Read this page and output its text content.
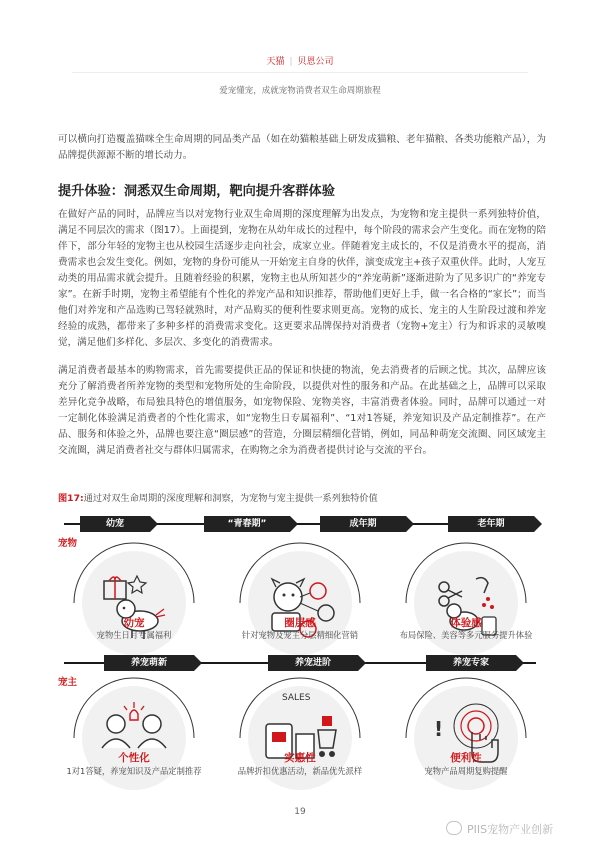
天猫 | 贝恩公司
爱宠懂宠，成就宠物消费者双生命周期旅程
可以横向打造覆盖猫咪全生命周期的同品类产品（如在幼猫粮基础上研发成猫粮、老年猫粮、各类功能粮产品），为品牌提供源源不断的增长动力。
提升体验：洞悉双生命周期，靶向提升客群体验
在做好产品的同时，品牌应当以对宠物行业双生命周期的深度理解为出发点，为宠物和宠主提供一系列独特价值，满足不同层次的需求（图17）。上面提到，宠物在从幼年成长的过程中，每个阶段的需求会产生变化。而在宠物的陪伴下，部分年轻的宠物主也从校园生活逐步走向社会，成家立业。伴随着宠主成长的，不仅是消费水平的提高，消费需求也会发生变化。例如，宠物的身份可能从一开始宠主自身的伙伴，演变成宠主+孩子双重伙伴。此时，人宠互动类的用品需求就会提升。且随着经验的积累，宠物主也从所知甚少的“养宠萌新”逐渐进阶为了见多识广的“养宠专家”。在新手时期，宠物主希望能有个性化的养宠产品和知识推荐，帮助他们更好上手，做一名合格的“家长”；而当他们对养宠和产品选购已驾轻就熟时，对产品购买的便利性要求则更高。宠物的成长、宠主的人生阶段过渡和养宠经验的成熟，都带来了多种多样的消费需求变化。这更要求品牌保持对消费者（宠物+宠主）行为和诉求的灵敏嗅觉，满足他们多样化、多层次、多变化的消费需求。
满足消费者最基本的购物需求，首先需要提供正品的保证和快捷的物流，免去消费者的后顾之忧。其次，品牌应该充分了解消费者所养宠物的类型和宠物所处的生命阶段，以提供对性的服务和产品。在此基础之上，品牌可以采取差异化竞争战略，布局独具特色的增值服务，如宠物保险、宠物美容，丰富消费者体验。同时，品牌可以通过一对一定制化体验满足消费者的个性化需求，如“宠物生日专属福利”、“1对1答疑，养宠知识及产品定制推荐”。在产品、服务和体验之外，品牌也要注意“圈层感”的营造，分圈层精细化营销，例如，同品种萌宠交流圈、同区域宠主交流圈，满足消费者社交与群体归属需求，在购物之余为消费者提供讨论与交流的平台。
图17:通过对双生命周期的深度理解和洞察，为宠物与宠主提供一系列独特价值
幼宠	“青春期”	成年期	老年期
宠物
幼宠
宠物生日月专属福利
圈层感
针对宠物及宠主分层精细化营销
体验感
布局保险、美容等多元服务提升体验
养宠萌新	养宠进阶	养宠专家
宠主
SALES
!
个性化
1对1答疑，养宠知识及产品定制推荐
实惠性
品牌折扣优惠活动，新品优先派样
便利性
宠物产品周期复购提醒
19
PIIS宠物产业创新
